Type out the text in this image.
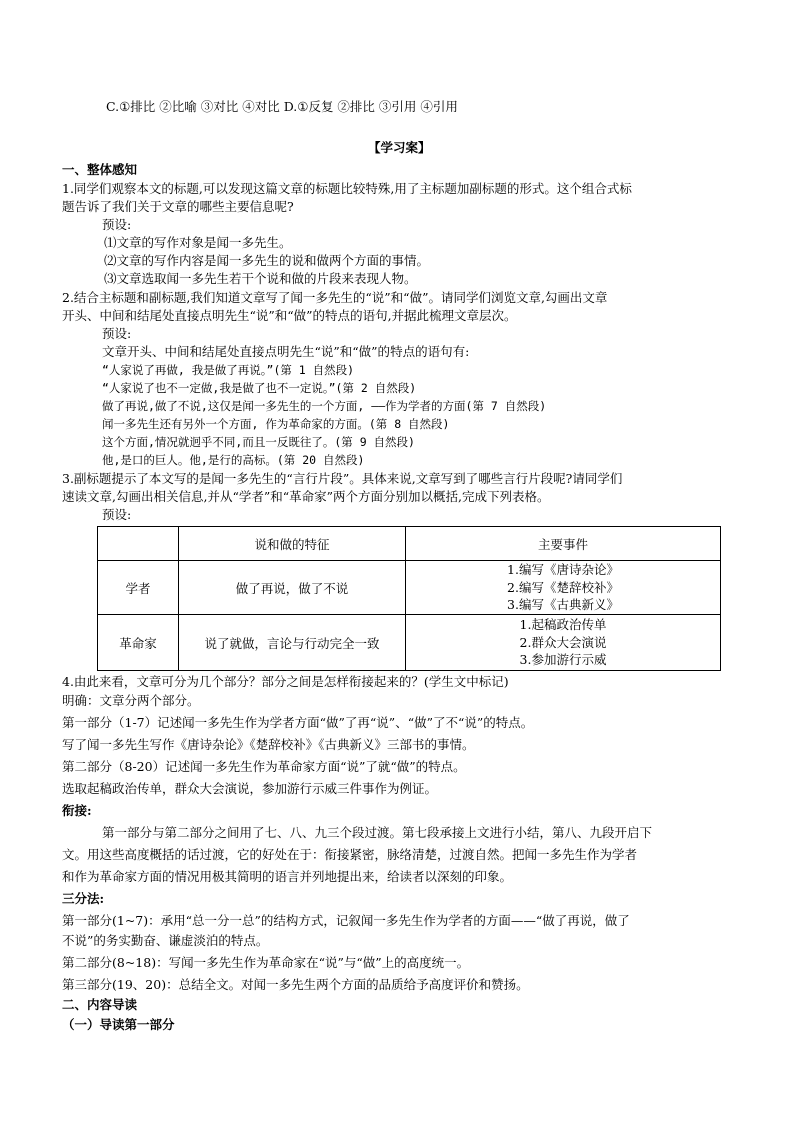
C.①排比 ②比喻 ③对比 ④对比 D.①反复 ②排比 ③引用 ④引用
【学习案】
一、整体感知
1.同学们观察本文的标题,可以发现这篇文章的标题比较特殊,用了主标题加副标题的形式。这个组合式标
题告诉了我们关于文章的哪些主要信息呢?
预设:
⑴文章的写作对象是闻一多先生。
⑵文章的写作内容是闻一多先生的说和做两个方面的事情。
⑶文章选取闻一多先生若干个说和做的片段来表现人物。
2.结合主标题和副标题,我们知道文章写了闻一多先生的“说”和“做”。请同学们浏览文章,勾画出文章
开头、中间和结尾处直接点明先生“说”和“做”的特点的语句,并据此梳理文章层次。
预设:
文章开头、中间和结尾处直接点明先生“说”和“做”的特点的语句有:
“人家说了再做, 我是做了再说。”(第 1 自然段)
“人家说了也不一定做,我是做了也不一定说。”(第 2 自然段)
做了再说,做了不说,这仅是闻一多先生的一个方面, ——作为学者的方面(第 7 自然段)
闻一多先生还有另外一个方面, 作为革命家的方面。(第 8 自然段)
这个方面,情况就迥乎不同,而且一反既往了。(第 9 自然段)
他,是口的巨人。他,是行的高标。(第 20 自然段)
3.副标题提示了本文写的是闻一多先生的“言行片段”。具体来说,文章写到了哪些言行片段呢?请同学们
速读文章,勾画出相关信息,并从“学者”和“革命家”两个方面分别加以概括,完成下列表格。
预设:
	说和做的特征	主要事件
学者	做了再说，做了不说	1.编写《唐诗杂论》
2.编写《楚辞校补》
3.编写《古典新义》

革命家	说了就做，言论与行动完全一致	1.起稿政治传单
2.群众大会演说
3.参加游行示威
4.由此来看，文章可分为几个部分？部分之间是怎样衔接起来的？(学生文中标记)
明确：文章分两个部分。
第一部分（1-7）记述闻一多先生作为学者方面“做”了再“说”、“做”了不“说”的特点。
写了闻一多先生写作《唐诗杂论》《楚辞校补》《古典新义》三部书的事情。
第二部分（8-20）记述闻一多先生作为革命家方面“说”了就“做”的特点。
选取起稿政治传单，群众大会演说，参加游行示威三件事作为例证。
衔接:
第一部分与第二部分之间用了七、八、九三个段过渡。第七段承接上文进行小结，第八、九段开启下
文。用这些高度概括的话过渡，它的好处在于：衔接紧密，脉络清楚，过渡自然。把闻一多先生作为学者
和作为革命家方面的情况用极其简明的语言并列地提出来，给读者以深刻的印象。
三分法:
第一部分(1~7)：承用“总一分一总”的结构方式，记叙闻一多先生作为学者的方面——“做了再说，做了
不说”的务实勤奋、谦虚淡泊的特点。
第二部分(8~18)：写闻一多先生作为革命家在“说”与“做”上的高度统一。
第三部分(19、20)：总结全文。对闻一多先生两个方面的品质给予高度评价和赞扬。
二、内容导读
（一）导读第一部分
